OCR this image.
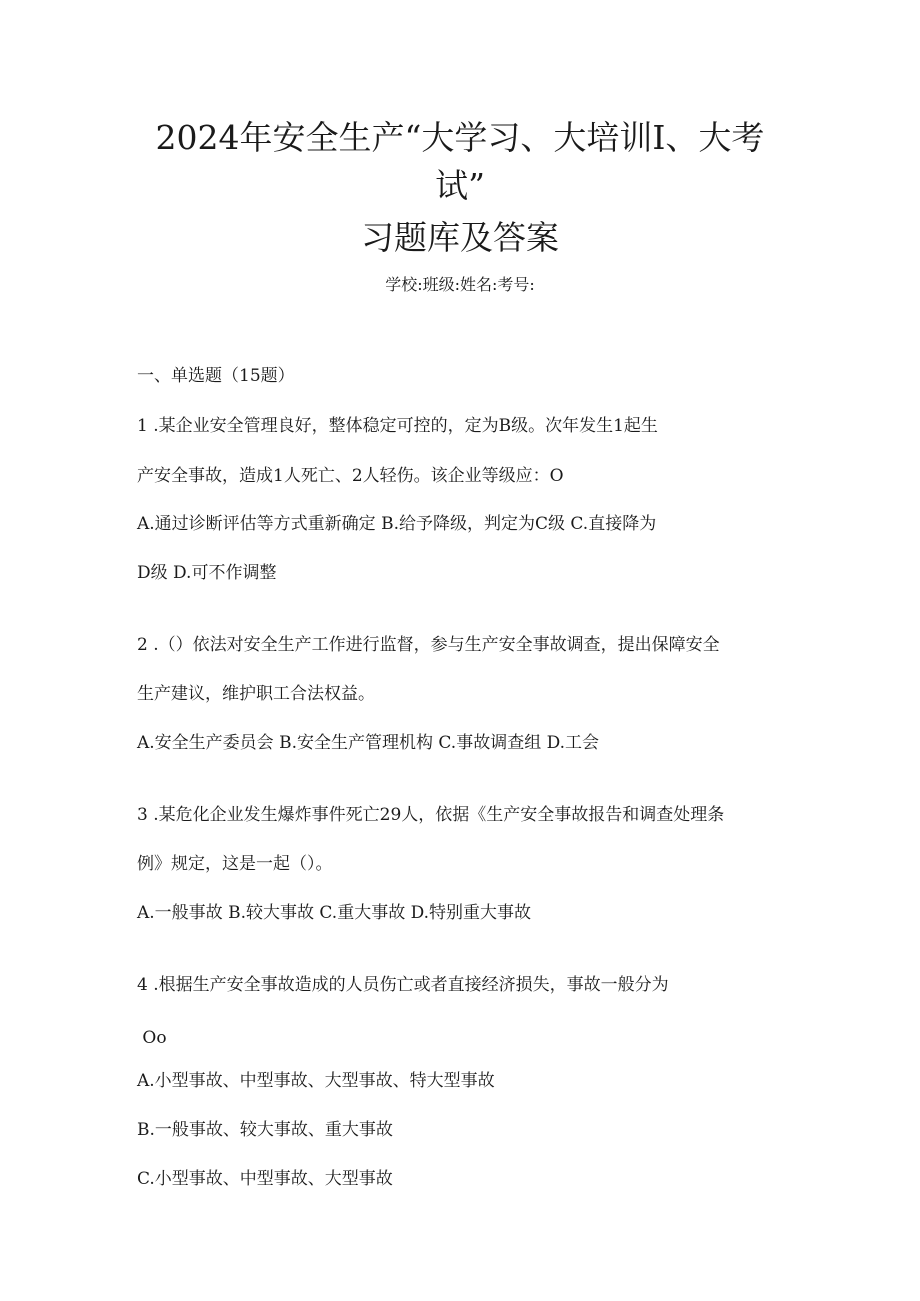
2024年安全生产“大学习、大培训I、大考
试”
习题库及答案
学校:班级:姓名:考号:
一、单选题（15题）
1 .某企业安全管理良好，整体稳定可控的，定为B级。次年发生1起生
产安全事故，造成1人死亡、2人轻伤。该企业等级应：O
A.通过诊断评估等方式重新确定 B.给予降级，判定为C级 C.直接降为
D级 D.可不作调整
2 .（）依法对安全生产工作进行监督，参与生产安全事故调查，提出保障安全
生产建议，维护职工合法权益。
A.安全生产委员会 B.安全生产管理机构 C.事故调查组 D.工会
3 .某危化企业发生爆炸事件死亡29人，依据《生产安全事故报告和调查处理条
例》规定，这是一起（）。
A.一般事故 B.较大事故 C.重大事故 D.特别重大事故
4 .根据生产安全事故造成的人员伤亡或者直接经济损失，事故一般分为
Oo
A.小型事故、中型事故、大型事故、特大型事故
B.一般事故、较大事故、重大事故
C.小型事故、中型事故、大型事故
